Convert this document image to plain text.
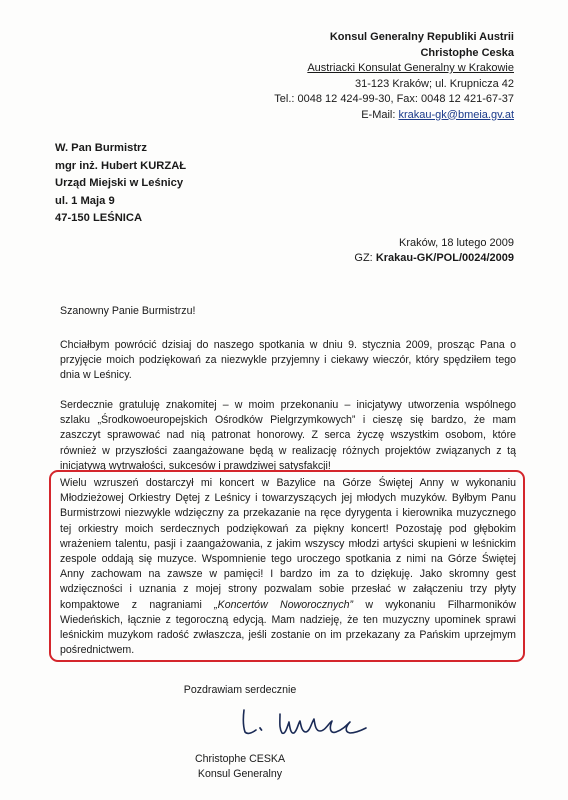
Konsul Generalny Republiki Austrii
Christophe Ceska
Austriacki Konsulat Generalny w Krakowie
31-123 Kraków; ul. Krupnicza 42
Tel.: 0048 12 424-99-30, Fax: 0048 12 421-67-37
E-Mail: krakau-gk@bmeia.gv.at
W. Pan Burmistrz
mgr inż. Hubert KURZAŁ
Urząd Miejski w Leśnicy
ul. 1 Maja 9
47-150 LEŚNICA
Kraków, 18 lutego 2009
GZ: Krakau-GK/POL/0024/2009
Szanowny Panie Burmistrzu!
Chciałbym powrócić dzisiaj do naszego spotkania w dniu 9. stycznia 2009, prosząc Pana o przyjęcie moich podziękowań za niezwykle przyjemny i ciekawy wieczór, który spędziłem tego dnia w Leśnicy.
Serdecznie gratuluję znakomitej – w moim przekonaniu – inicjatywy utworzenia wspólnego szlaku „Środkowoeuropejskich Ośrodków Pielgrzymkowych” i cieszę się bardzo, że mam zaszczyt sprawować nad nią patronat honorowy. Z serca życzę wszystkim osobom, które również w przyszłości zaangażowane będą w realizację różnych projektów związanych z tą inicjatywą wytrwałości, sukcesów i prawdziwej satysfakcji!
Wielu wzruszeń dostarczył mi koncert w Bazylice na Górze Świętej Anny w wykonaniu Młodzieżowej Orkiestry Dętej z Leśnicy i towarzyszących jej młodych muzyków. Byłbym Panu Burmistrzowi niezwykle wdzięczny za przekazanie na ręce dyrygenta i kierownika muzycznego tej orkiestry moich serdecznych podziękowań za piękny koncert! Pozostaję pod głębokim wrażeniem talentu, pasji i zaangażowania, z jakim wszyscy młodzi artyści skupieni w leśnickim zespole oddają się muzyce. Wspomnienie tego uroczego spotkania z nimi na Górze Świętej Anny zachowam na zawsze w pamięci! I bardzo im za to dziękuję. Jako skromny gest wdzięczności i uznania z mojej strony pozwalam sobie przesłać w załączeniu trzy płyty kompaktowe z nagraniami „Koncertów Noworocznych” w wykonaniu Filharmoników Wiedeńskich, łącznie z tegoroczną edycją. Mam nadzieję, że ten muzyczny upominek sprawi leśnickim muzykom radość zwłaszcza, jeśli zostanie on im przekazany za Pańskim uprzejmym pośrednictwem.
Pozdrawiam serdecznie
Christophe CESKA
Konsul Generalny
